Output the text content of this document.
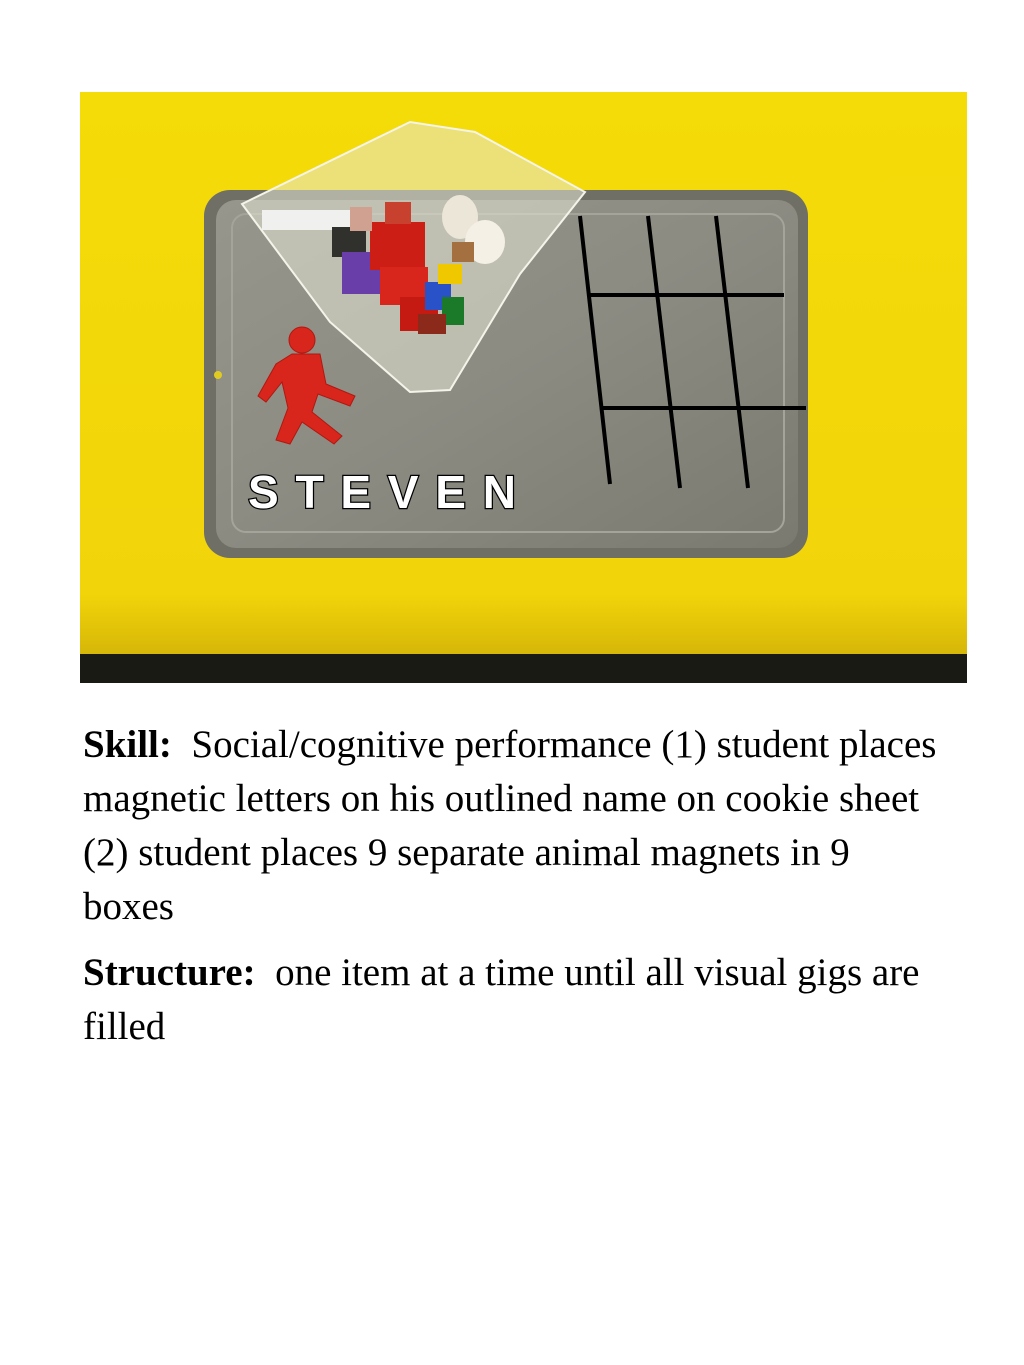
S T E V E N

Skill: Social/cognitive performance (1) student places magnetic letters on his outlined name on cookie sheet (2) student places 9 separate animal magnets in 9 boxes

Structure: one item at a time until all visual gigs are filled
